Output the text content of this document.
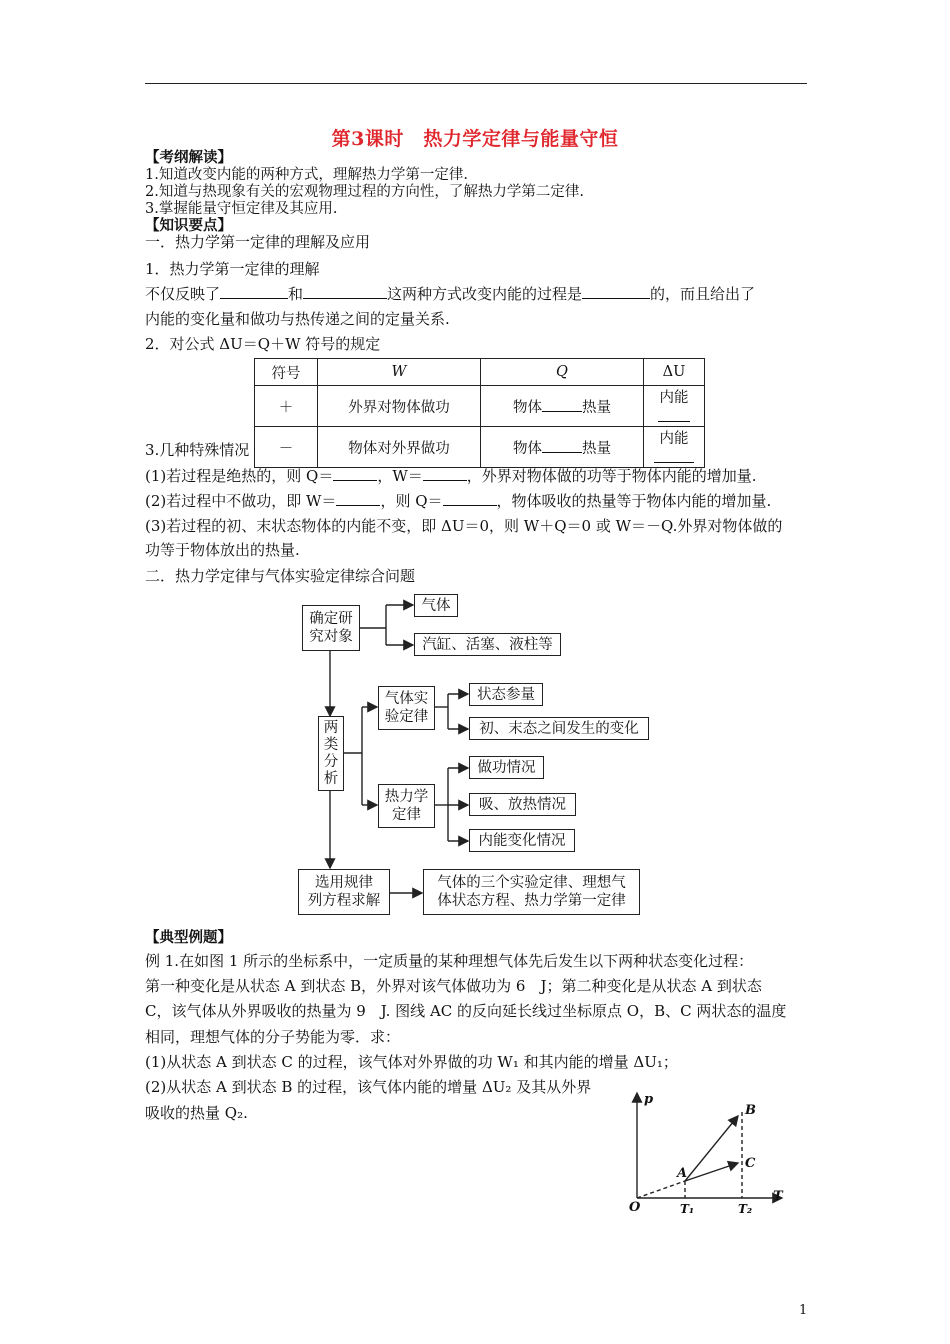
第3课时　热力学定律与能量守恒
【考纲解读】
1.知道改变内能的两种方式，理解热力学第一定律.
2.知道与热现象有关的宏观物理过程的方向性，了解热力学第二定律.
3.掌握能量守恒定律及其应用.
【知识要点】
一．热力学第一定律的理解及应用
1．热力学第一定律的理解
不仅反映了	和	这两种方式改变内能的过程是	的，而且给出了
内能的变化量和做功与热传递之间的定量关系.
2．对公式 ΔU＝Q＋W 符号的规定
符号	W	Q	ΔU
＋	外界对物体做功	物体 热量	内能
－	物体对外界做功	物体 热量	内能
3.几种特殊情况
(1)若过程是绝热的，则 Q＝	，W＝	，外界对物体做的功等于物体内能的增加量.
(2)若过程中不做功，即 W＝	，则 Q＝	，物体吸收的热量等于物体内能的增加量.
(3)若过程的初、末状态物体的内能不变，即 ΔU＝0，则 W＋Q＝0 或 W＝－Q.外界对物体做的
功等于物体放出的热量.
二．热力学定律与气体实验定律综合问题
确定研
究对象
气体
汽缸、活塞、液柱等
两
类
分
析
气体实
验定律
状态参量
初、末态之间发生的变化
热力学
定律
做功情况
吸、放热情况
内能变化情况
选用规律
列方程求解
气体的三个实验定律、理想气
体状态方程、热力学第一定律
【典型例题】
例 1.在如图 1 所示的坐标系中，一定质量的某种理想气体先后发生以下两种状态变化过程：
第一种变化是从状态 A 到状态 B，外界对该气体做功为 6　J；第二种变化是从状态 A 到状态
C，该气体从外界吸收的热量为 9　J. 图线 AC 的反向延长线过坐标原点 O，B、C 两状态的温度
相同，理想气体的分子势能为零．求：
(1)从状态 A 到状态 C 的过程，该气体对外界做的功 W₁ 和其内能的增量 ΔU₁；
(2)从状态 A 到状态 B 的过程，该气体内能的增量 ΔU₂ 及其从外界
吸收的热量 Q₂.
p
T
O
A
B
C
T₁	T₂
1
